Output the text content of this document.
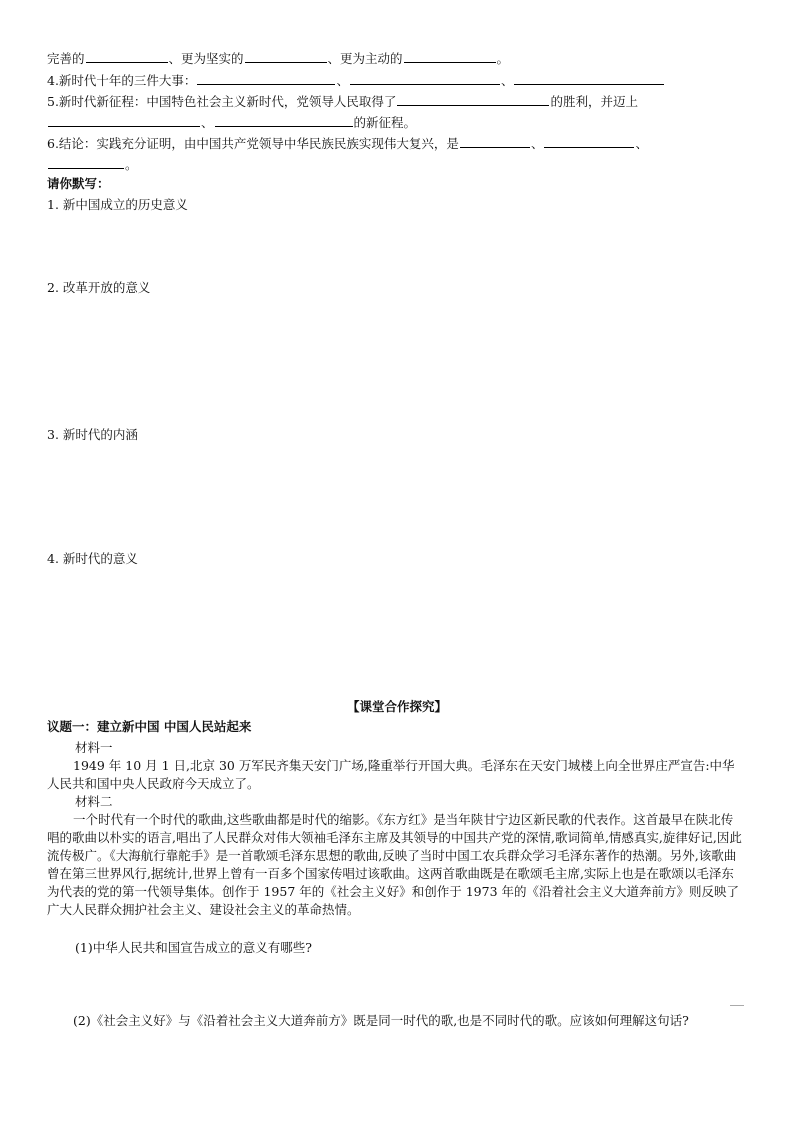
完善的	、更为坚实的	、更为主动的	。
4.新时代十年的三件大事：	、	、
5.新时代新征程：中国特色社会主义新时代，党领导人民取得了	的胜利，并迈上
、	的新征程。
6.结论：实践充分证明，由中国共产党领导中华民族民族实现伟大复兴，是	、	、
。
请你默写：
1. 新中国成立的历史意义
2. 改革开放的意义
3. 新时代的内涵
4. 新时代的意义
【课堂合作探究】
议题一：建立新中国 中国人民站起来
材料一
1949 年 10 月 1 日,北京 30 万军民齐集天安门广场,隆重举行开国大典。毛泽东在天安门城楼上向全世界庄严宣告:中华人民共和国中央人民政府今天成立了。
材料二
一个时代有一个时代的歌曲,这些歌曲都是时代的缩影。《东方红》是当年陕甘宁边区新民歌的代表作。这首最早在陕北传唱的歌曲以朴实的语言,唱出了人民群众对伟大领袖毛泽东主席及其领导的中国共产党的深情,歌词简单,情感真实,旋律好记,因此流传极广。《大海航行靠舵手》是一首歌颂毛泽东思想的歌曲,反映了当时中国工农兵群众学习毛泽东著作的热潮。另外,该歌曲曾在第三世界风行,据统计,世界上曾有一百多个国家传唱过该歌曲。这两首歌曲既是在歌颂毛主席,实际上也是在歌颂以毛泽东为代表的党的第一代领导集体。创作于 1957 年的《社会主义好》和创作于 1973 年的《沿着社会主义大道奔前方》则反映了广大人民群众拥护社会主义、建设社会主义的革命热情。
(1)中华人民共和国宣告成立的意义有哪些?
(2)《社会主义好》与《沿着社会主义大道奔前方》既是同一时代的歌,也是不同时代的歌。应该如何理解这句话?
